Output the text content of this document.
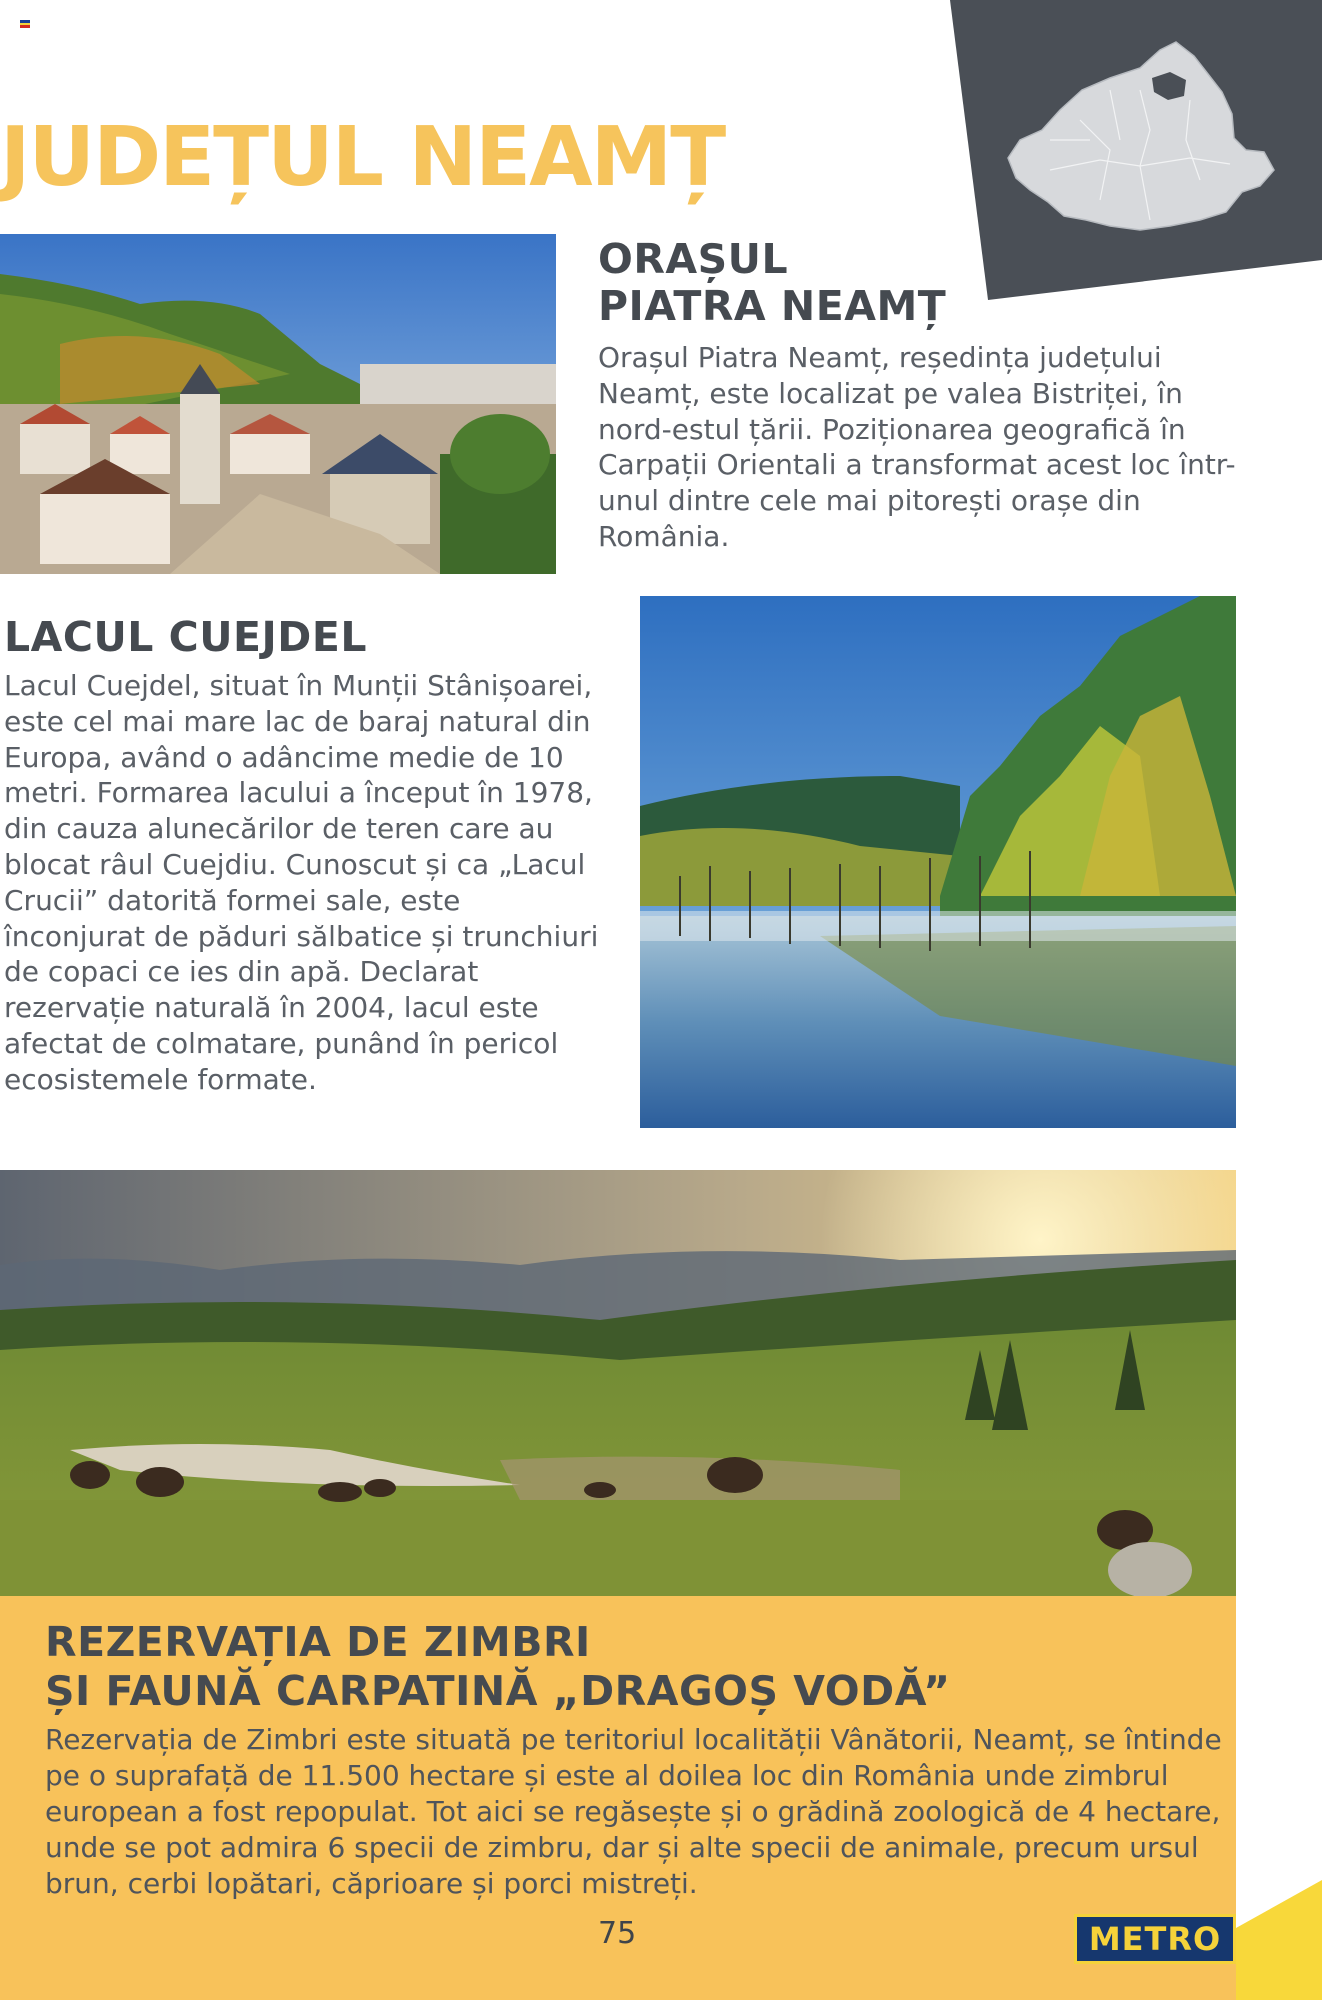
JUDEȚUL NEAMȚ
ORAȘUL
PIATRA NEAMȚ
Orașul Piatra Neamț, reședința județului Neamț, este localizat pe valea Bistriței, în nord-estul țării. Poziționarea geografică în Carpații Orientali a transformat acest loc într-unul dintre cele mai pitorești orașe din România.
LACUL CUEJDEL
Lacul Cuejdel, situat în Munții Stânișoarei, este cel mai mare lac de baraj natural din Europa, având o adâncime medie de 10 metri. Formarea lacului a început în 1978, din cauza alunecărilor de teren care au blocat râul Cuejdiu. Cunoscut și ca „Lacul Crucii” datorită formei sale, este înconjurat de păduri sălbatice și trunchiuri de copaci ce ies din apă. Declarat rezervație naturală în 2004, lacul este afectat de colmatare, punând în pericol ecosistemele formate.
REZERVAȚIA DE ZIMBRI
ȘI FAUNĂ CARPATINĂ „DRAGOȘ VODĂ”
Rezervația de Zimbri este situată pe teritoriul localității Vânătorii, Neamț, se întinde pe o suprafață de 11.500 hectare și este al doilea loc din România unde zimbrul european a fost repopulat. Tot aici se regăsește și o grădină zoologică de 4 hectare, unde se pot admira 6 specii de zimbru, dar și alte specii de animale, precum ursul brun, cerbi lopătari, căprioare și porci mistreți.
75	METRO
